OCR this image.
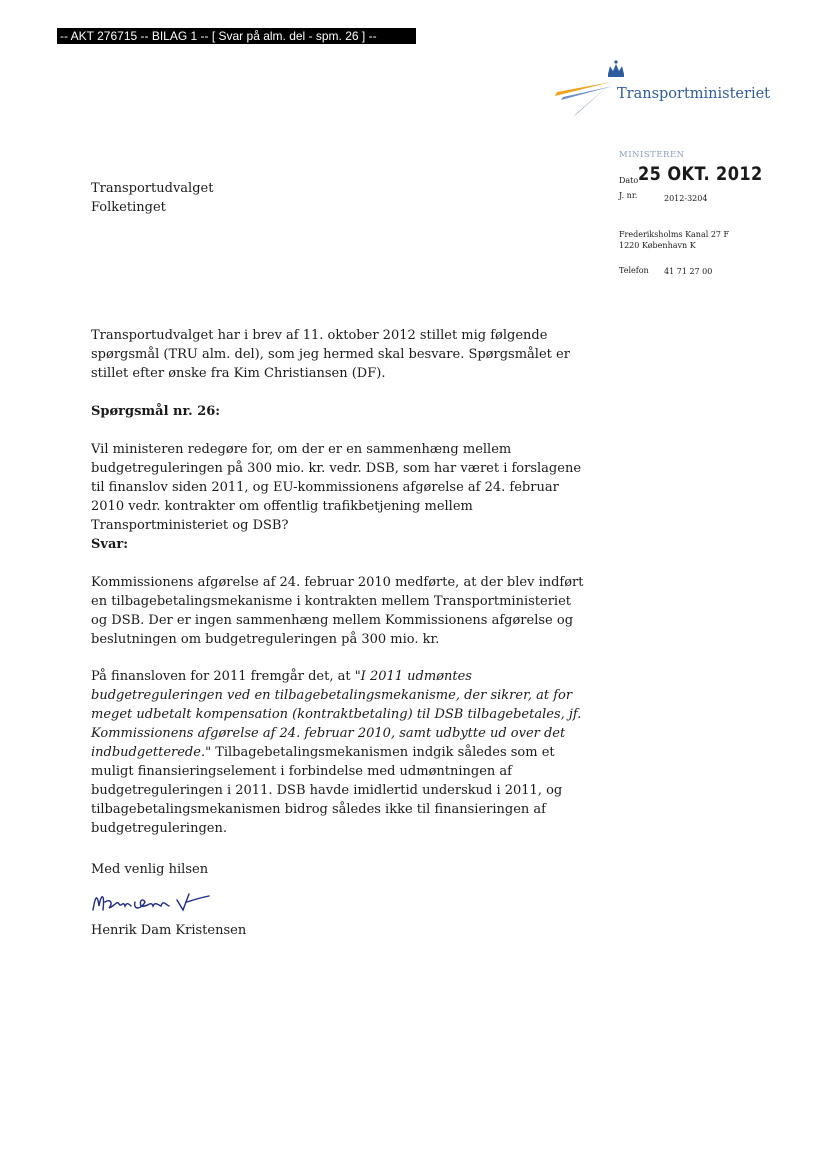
-- AKT 276715 -- BILAG 1 -- [ Svar på alm. del - spm. 26 ] --
Transportministeriet
Transportudvalget
Folketinget
MINISTEREN
Dato 25 OKT. 2012
J. nr.	2012-3204
Frederiksholms Kanal 27 F
1220 København K
Telefon 41 71 27 00

Transportudvalget har i brev af 11. oktober 2012 stillet mig følgende spørgsmål (TRU alm. del), som jeg hermed skal besvare. Spørgsmålet er stillet efter ønske fra Kim Christiansen (DF).

Spørgsmål nr. 26:

Vil ministeren redegøre for, om der er en sammenhæng mellem budgetreguleringen på 300 mio. kr. vedr. DSB, som har været i forslagene til finanslov siden 2011, og EU-kommissionens afgørelse af 24. februar 2010 vedr. kontrakter om offentlig trafikbetjening mellem Transportministeriet og DSB?

Svar:

Kommissionens afgørelse af 24. februar 2010 medførte, at der blev indført en tilbagebetalingsmekanisme i kontrakten mellem Transportministeriet og DSB. Der er ingen sammenhæng mellem Kommissionens afgørelse og beslutningen om budgetreguleringen på 300 mio. kr.

På finansloven for 2011 fremgår det, at "I 2011 udmøntes budgetreguleringen ved en tilbagebetalingsmekanisme, der sikrer, at for meget udbetalt kompensation (kontraktbetaling) til DSB tilbagebetales, jf. Kommissionens afgørelse af 24. februar 2010, samt udbytte ud over det indbudgetterede." Tilbagebetalingsmekanismen indgik således som et muligt finansieringselement i forbindelse med udmøntningen af budgetreguleringen i 2011. DSB havde imidlertid underskud i 2011, og tilbagebetalingsmekanismen bidrog således ikke til finansieringen af budgetreguleringen.

Med venlig hilsen

Henrik Dam Kristensen
